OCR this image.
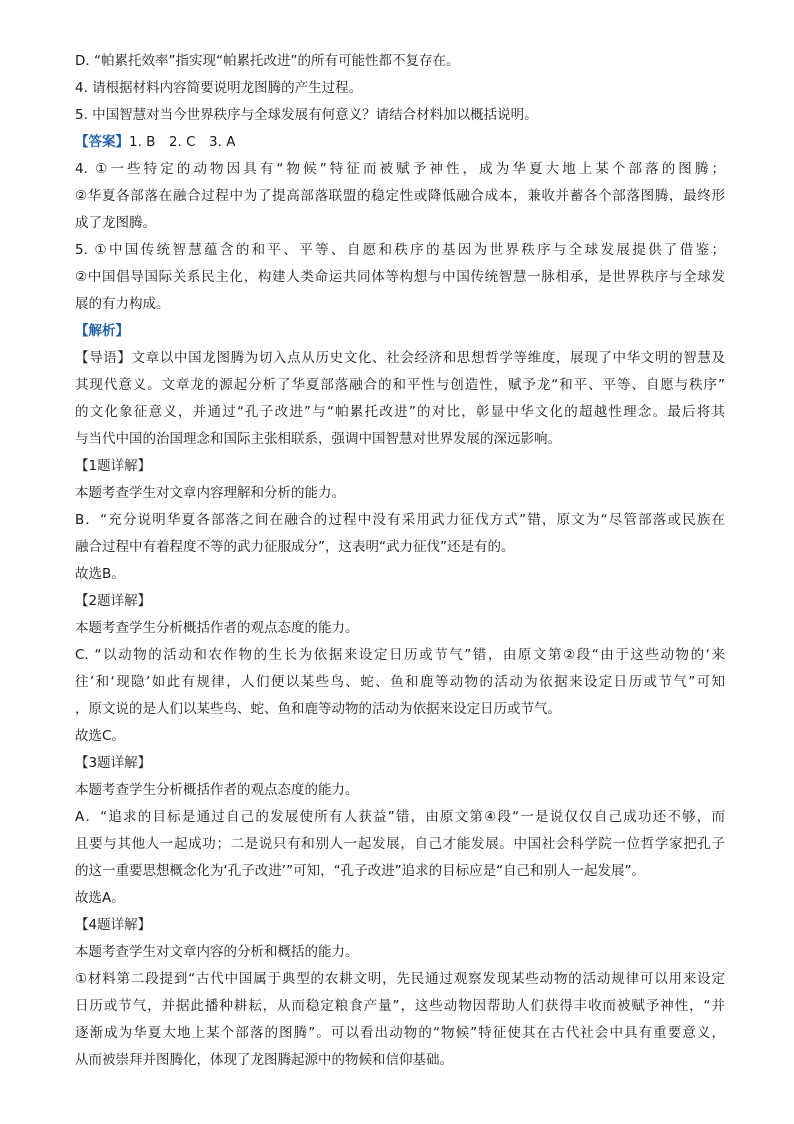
D. “帕累托效率”指实现“帕累托改进”的所有可能性都不复存在。
4. 请根据材料内容简要说明龙图腾的产生过程。
5. 中国智慧对当今世界秩序与全球发展有何意义？请结合材料加以概括说明。
【答案】1. B　2. C　3. A
4. ①一些特定的动物因具有“物候”特征而被赋予神性，成为华夏大地上某个部落的图腾；
②华夏各部落在融合过程中为了提高部落联盟的稳定性或降低融合成本，兼收并蓄各个部落图腾，最终形
成了龙图腾。
5. ①中国传统智慧蕴含的和平、平等、自愿和秩序的基因为世界秩序与全球发展提供了借鉴；
②中国倡导国际关系民主化，构建人类命运共同体等构想与中国传统智慧一脉相承，是世界秩序与全球发
展的有力构成。
【解析】
【导语】文章以中国龙图腾为切入点从历史文化、社会经济和思想哲学等维度，展现了中华文明的智慧及
其现代意义。文章龙的源起分析了华夏部落融合的和平性与创造性，赋予龙“和平、平等、自愿与秩序”
的文化象征意义，并通过“孔子改进”与“帕累托改进”的对比，彰显中华文化的超越性理念。最后将其
与当代中国的治国理念和国际主张相联系，强调中国智慧对世界发展的深远影响。
【1题详解】
本题考查学生对文章内容理解和分析的能力。
B．“充分说明华夏各部落之间在融合的过程中没有采用武力征伐方式”错，原文为“尽管部落或民族在
融合过程中有着程度不等的武力征服成分”，这表明“武力征伐”还是有的。
故选B。
【2题详解】
本题考查学生分析概括作者的观点态度的能力。
C. “以动物的活动和农作物的生长为依据来设定日历或节气”错，由原文第②段“由于这些动物的‘来
往’和‘现隐’如此有规律，人们便以某些鸟、蛇、鱼和鹿等动物的活动为依据来设定日历或节气”可知
，原文说的是人们以某些鸟、蛇、鱼和鹿等动物的活动为依据来设定日历或节气。
故选C。
【3题详解】
本题考查学生分析概括作者的观点态度的能力。
A．“追求的目标是通过自己的发展使所有人获益”错，由原文第④段“一是说仅仅自己成功还不够，而
且要与其他人一起成功；二是说只有和别人一起发展，自己才能发展。中国社会科学院一位哲学家把孔子
的这一重要思想概念化为‘孔子改进’”可知，“孔子改进”追求的目标应是“自己和别人一起发展”。
故选A。
【4题详解】
本题考查学生对文章内容的分析和概括的能力。
①材料第二段提到“古代中国属于典型的农耕文明，先民通过观察发现某些动物的活动规律可以用来设定
日历或节气，并据此播种耕耘，从而稳定粮食产量”，这些动物因帮助人们获得丰收而被赋予神性，“并
逐渐成为华夏大地上某个部落的图腾”。可以看出动物的“物候”特征使其在古代社会中具有重要意义，
从而被崇拜并图腾化，体现了龙图腾起源中的物候和信仰基础。
